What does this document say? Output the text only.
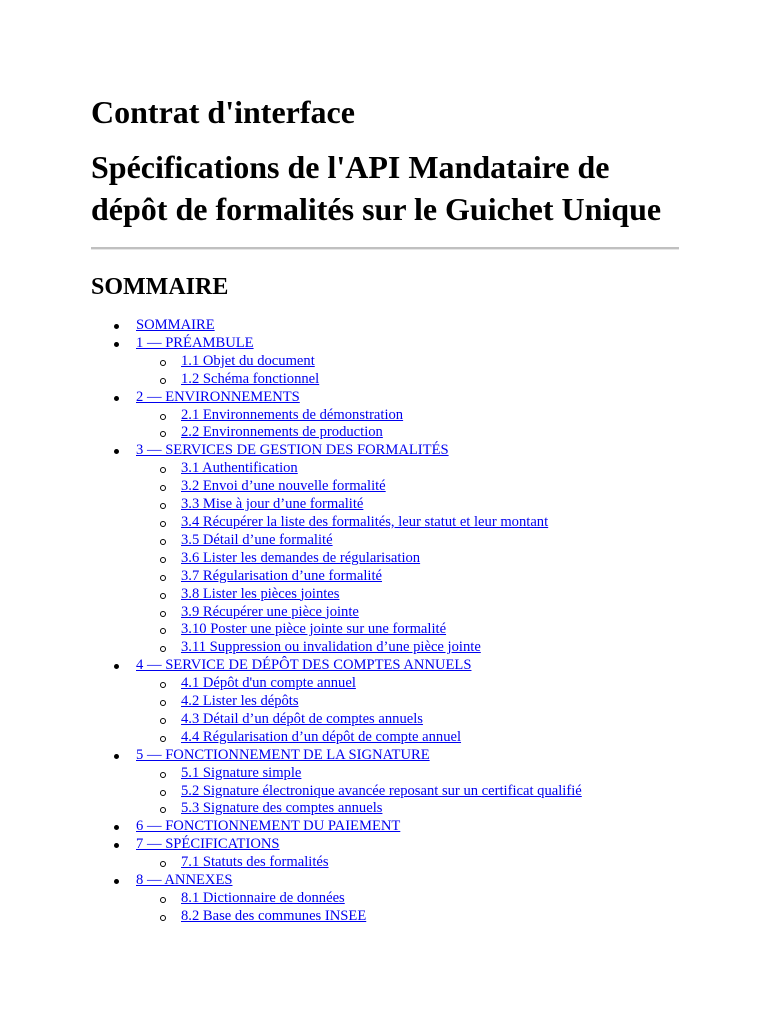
Contrat d'interface
Spécifications de l'API Mandataire de dépôt de formalités sur le Guichet Unique
SOMMAIRE
SOMMAIRE
1 — PRÉAMBULE
1.1 Objet du document
1.2 Schéma fonctionnel
2 — ENVIRONNEMENTS
2.1 Environnements de démonstration
2.2 Environnements de production
3 — SERVICES DE GESTION DES FORMALITÉS
3.1 Authentification
3.2 Envoi d’une nouvelle formalité
3.3 Mise à jour d’une formalité
3.4 Récupérer la liste des formalités, leur statut et leur montant
3.5 Détail d’une formalité
3.6 Lister les demandes de régularisation
3.7 Régularisation d’une formalité
3.8 Lister les pièces jointes
3.9 Récupérer une pièce jointe
3.10 Poster une pièce jointe sur une formalité
3.11 Suppression ou invalidation d’une pièce jointe
4 — SERVICE DE DÉPÔT DES COMPTES ANNUELS
4.1 Dépôt d'un compte annuel
4.2 Lister les dépôts
4.3 Détail d’un dépôt de comptes annuels
4.4 Régularisation d’un dépôt de compte annuel
5 — FONCTIONNEMENT DE LA SIGNATURE
5.1 Signature simple
5.2 Signature électronique avancée reposant sur un certificat qualifié
5.3 Signature des comptes annuels
6 — FONCTIONNEMENT DU PAIEMENT
7 — SPÉCIFICATIONS
7.1 Statuts des formalités
8 — ANNEXES
8.1 Dictionnaire de données
8.2 Base des communes INSEE
